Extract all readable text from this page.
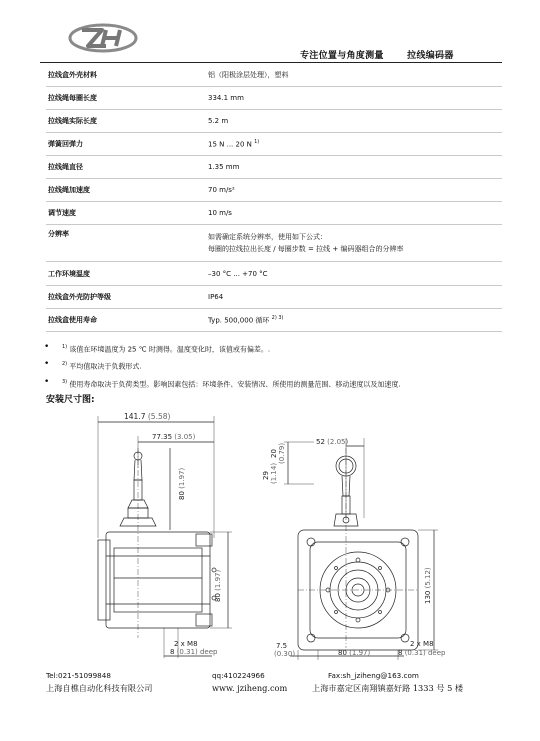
专注位置与角度测量	拉线编码器
拉线盒外壳材料	铝（阳极涂层处理），塑料
拉线绳每圈长度	334.1 mm
拉线绳实际长度	5.2 m
弹簧回弹力	15 N ... 20 N $^{1)}$
拉线绳直径	1.35 mm
拉线绳加速度	70 m/s²
调节速度	10 m/s
分辨率	如需确定系统分辨率，使用如下公式：
每圈的拉线拉出长度 / 每圈步数 = 拉线 + 编码器组合的分辨率
工作环境温度	–30 °C ... +70 °C
拉线盒外壳防护等级	IP64
拉线盒使用寿命	Typ. 500,000 循环 $^{2) 3)}$
• $^{1)}$ 该值在环境温度为 25 ℃ 时测得。温度变化时，该值或有偏差。.
• $^{2)}$ 平均值取决于负载形式.
• $^{3)}$ 使用寿命取决于负荷类型。影响因素包括：环境条件、安装情况、所使用的测量范围、移动速度以及加速度.
安装尺寸图:
141.7 (5.58)
77.35 (3.05)
80 (1.97)
80 (1.97)
2 x M8
8 (0.31) deep
29 (1.14)
20 (0.79)
52 (2.05)
130 (5.12)
7.5
(0.30)	80 (1.97)
2 x M8
8 (0.31) deep
Tel:021-51099848	qq:410224966	Fax:sh_jziheng@163.com
上海自樵自动化科技有限公司	www. jziheng.com	上海市嘉定区南翔镇嘉好路 1333 号 5 楼
